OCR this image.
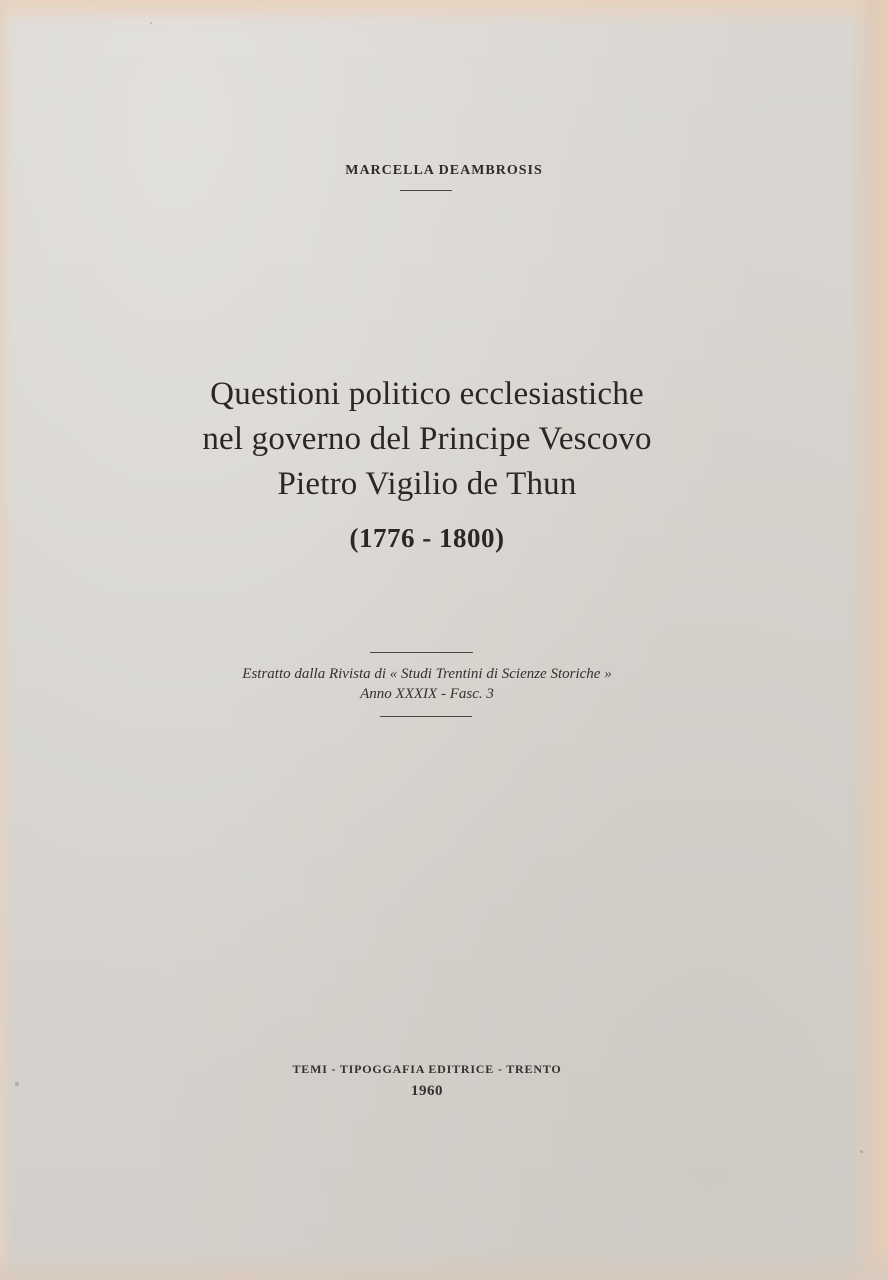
MARCELLA DEAMBROSIS
Questioni politico ecclesiastiche
nel governo del Principe Vescovo
Pietro Vigilio de Thun
(1776 - 1800)
Estratto dalla Rivista di « Studi Trentini di Scienze Storiche »
Anno XXXIX - Fasc. 3
TEMI - TIPOGGAFIA EDITRICE - TRENTO
1960
